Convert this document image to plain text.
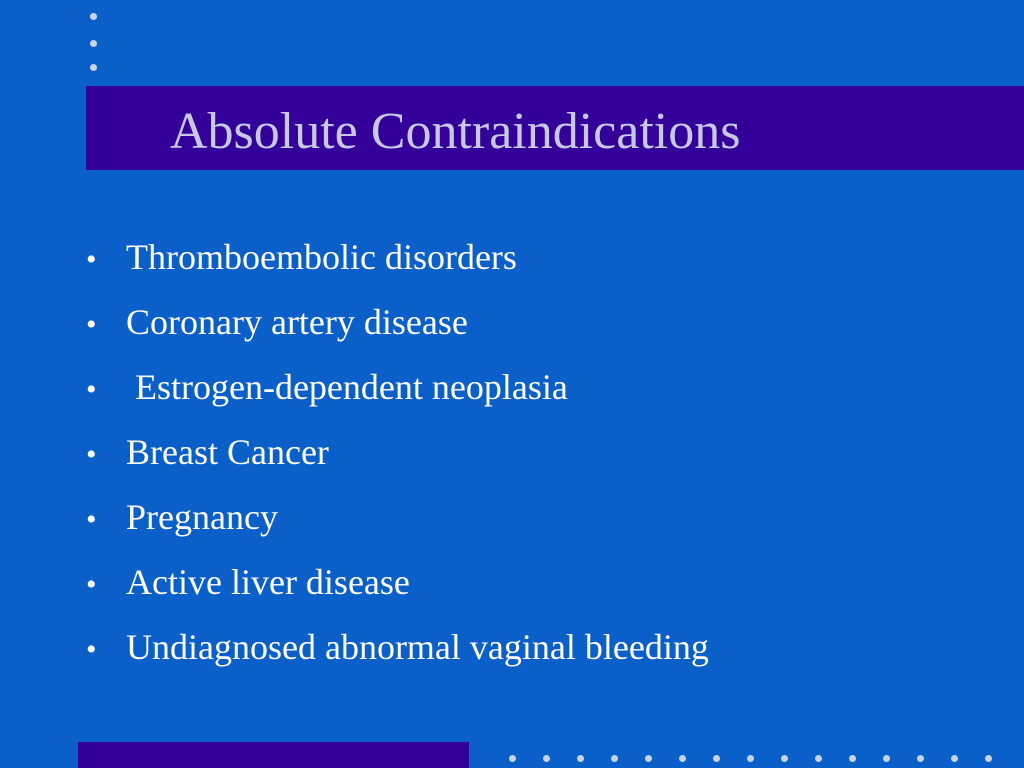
Absolute Contraindications
• Thromboembolic disorders
• Coronary artery disease
• Estrogen-dependent neoplasia
• Breast Cancer
• Pregnancy
• Active liver disease
• Undiagnosed abnormal vaginal bleeding
